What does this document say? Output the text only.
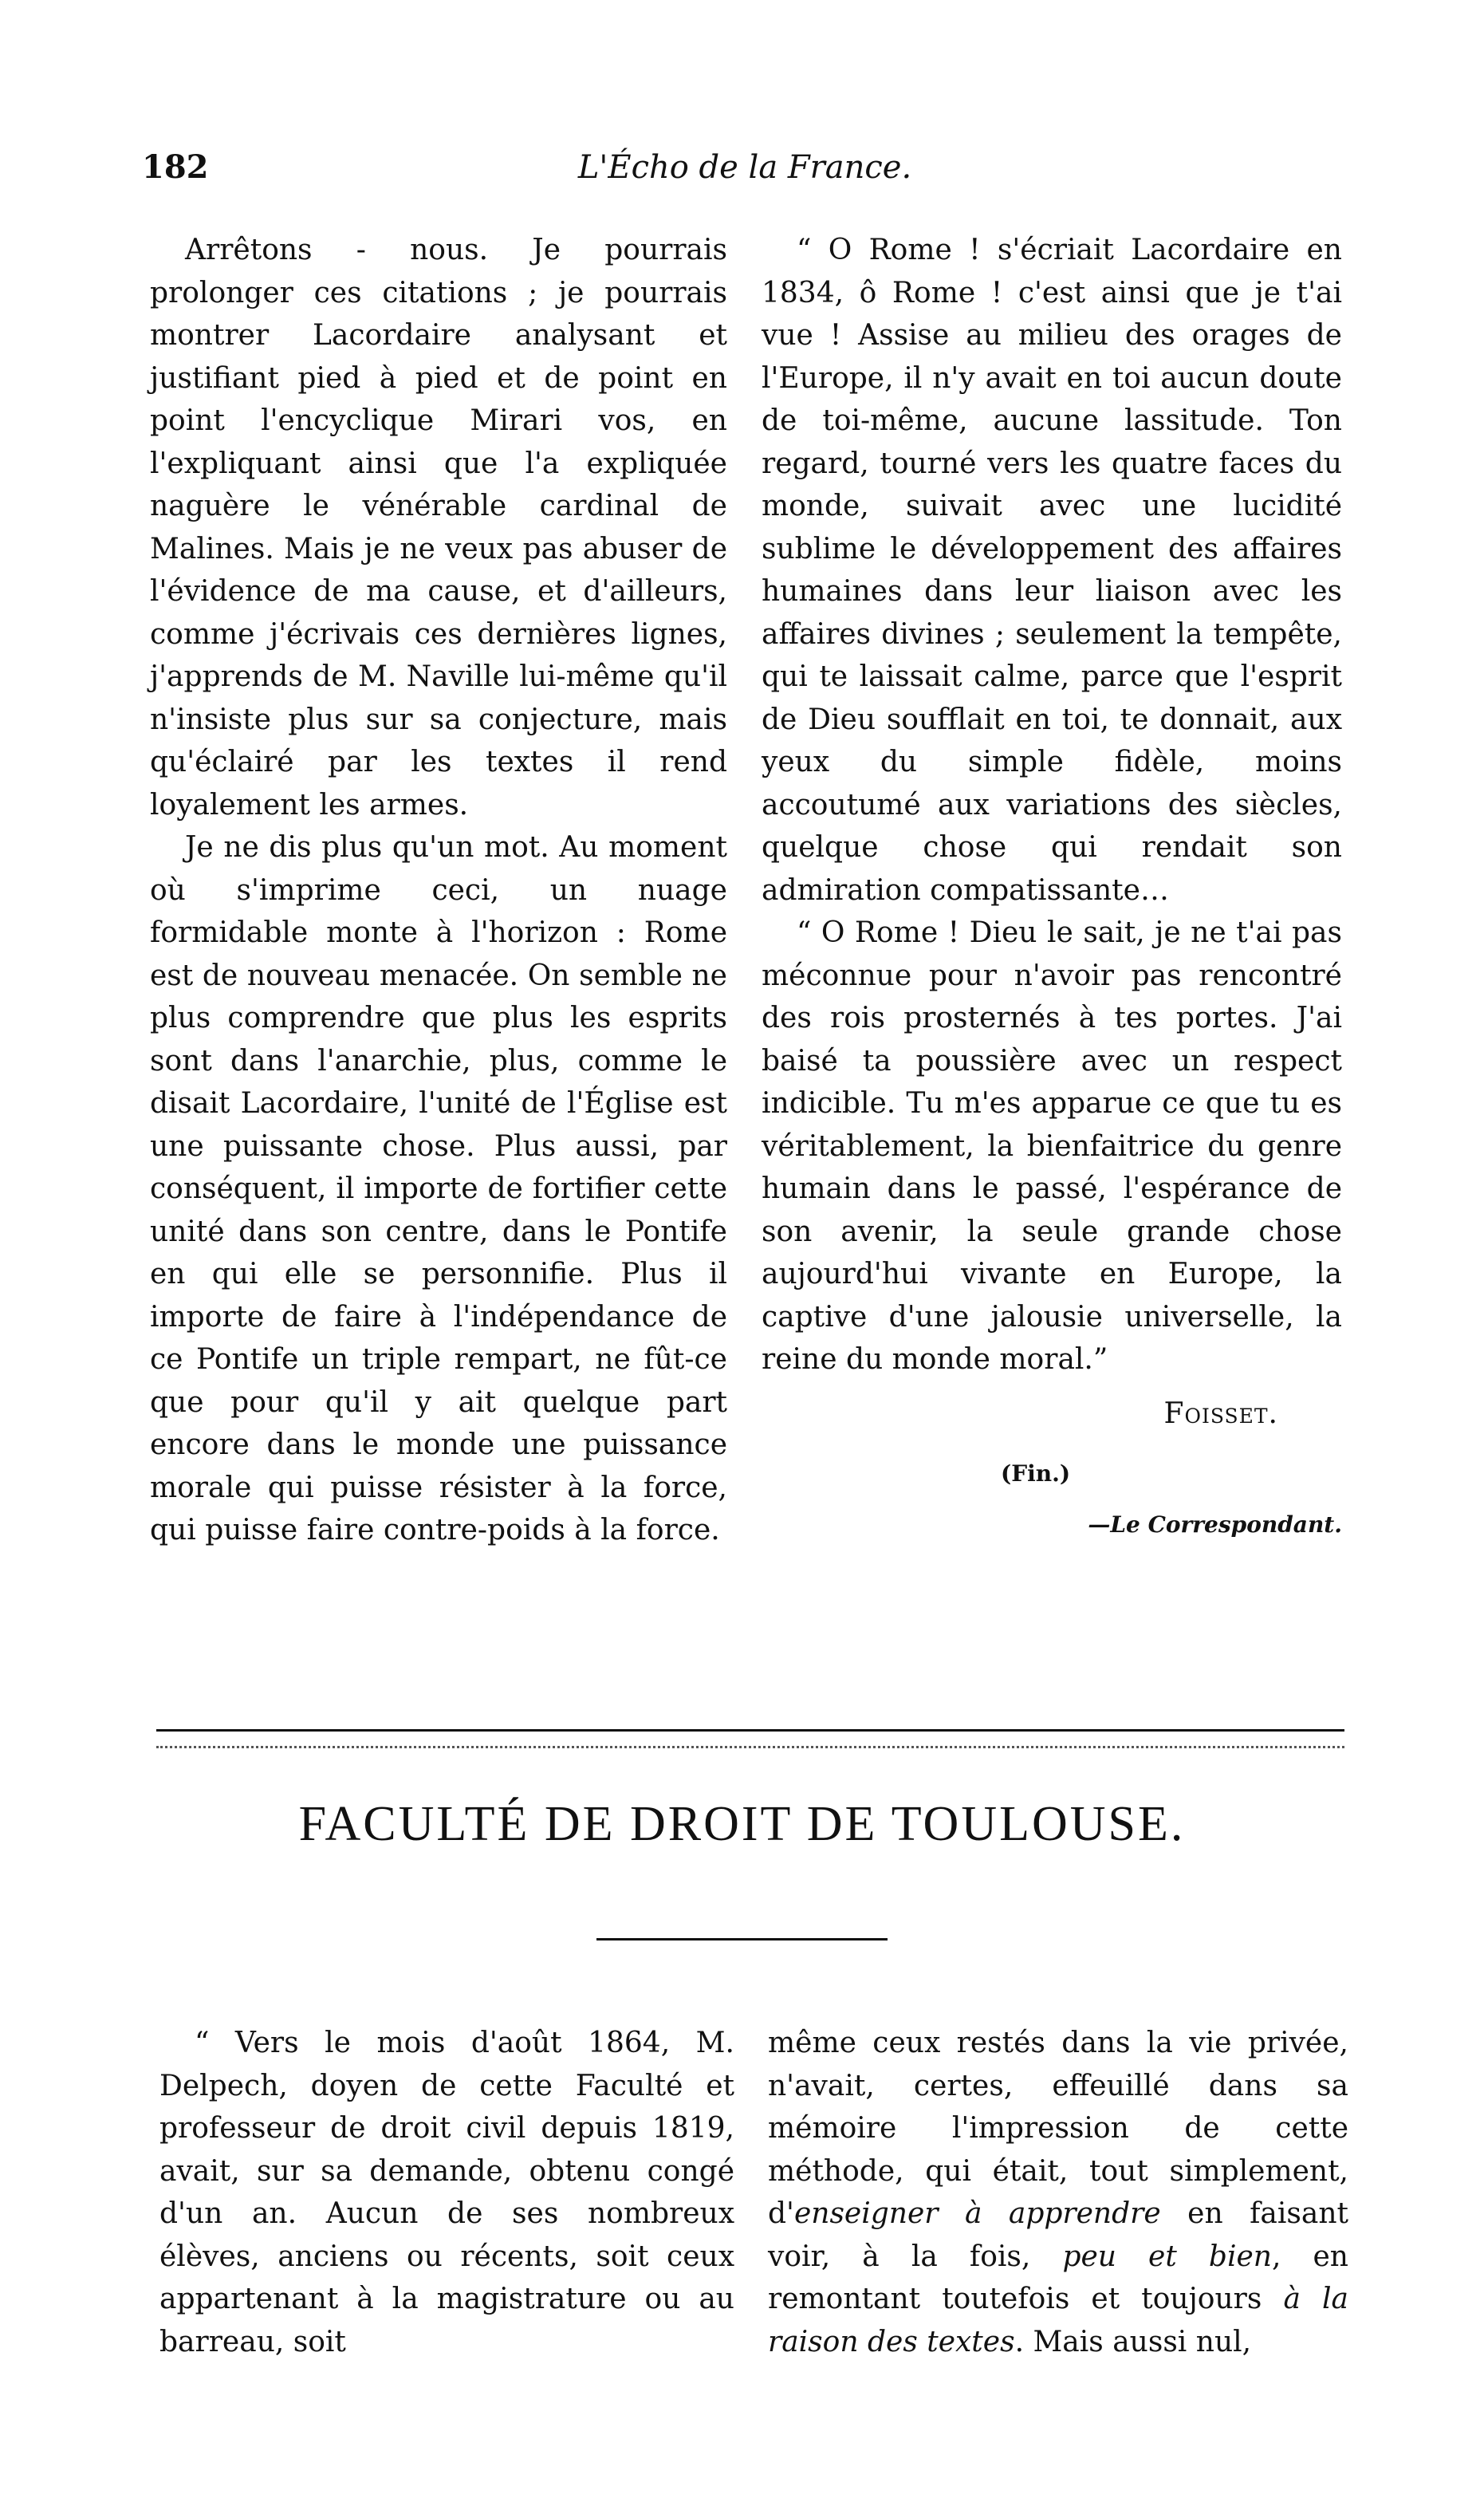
182	L'Écho de la France.

Arrêtons - nous. Je pourrais prolonger ces citations ; je pourrais montrer Lacordaire analysant et justifiant pied à pied et de point en point l'encyclique Mirari vos, en l'expliquant ainsi que l'a expliquée naguère le vénérable cardinal de Malines. Mais je ne veux pas abuser de l'évidence de ma cause, et d'ailleurs, comme j'écrivais ces dernières lignes, j'apprends de M. Naville lui-même qu'il n'insiste plus sur sa conjecture, mais qu'éclairé par les textes il rend loyalement les armes.

Je ne dis plus qu'un mot. Au moment où s'imprime ceci, un nuage formidable monte à l'horizon : Rome est de nouveau menacée. On semble ne plus comprendre que plus les esprits sont dans l'anarchie, plus, comme le disait Lacordaire, l'unité de l'Église est une puissante chose. Plus aussi, par conséquent, il importe de fortifier cette unité dans son centre, dans le Pontife en qui elle se personnifie. Plus il importe de faire à l'indépendance de ce Pontife un triple rempart, ne fût-ce que pour qu'il y ait quelque part encore dans le monde une puissance morale qui puisse résister à la force, qui puisse faire contre-poids à la force.

“ O Rome ! s'écriait Lacordaire en 1834, ô Rome ! c'est ainsi que je t'ai vue ! Assise au milieu des orages de l'Europe, il n'y avait en toi aucun doute de toi-même, aucune lassitude. Ton regard, tourné vers les quatre faces du monde, suivait avec une lucidité sublime le développement des affaires humaines dans leur liaison avec les affaires divines ; seulement la tempête, qui te laissait calme, parce que l'esprit de Dieu soufflait en toi, te donnait, aux yeux du simple fidèle, moins accoutumé aux variations des siècles, quelque chose qui rendait son admiration compatissante…

“ O Rome ! Dieu le sait, je ne t'ai pas méconnue pour n'avoir pas rencontré des rois prosternés à tes portes. J'ai baisé ta poussière avec un respect indicible. Tu m'es apparue ce que tu es véritablement, la bienfaitrice du genre humain dans le passé, l'espérance de son avenir, la seule grande chose aujourd'hui vivante en Europe, la captive d'une jalousie universelle, la reine du monde moral.”

Foisset.

(Fin.)

—Le Correspondant.

FACULTÉ DE DROIT DE TOULOUSE.

“ Vers le mois d'août 1864, M. Delpech, doyen de cette Faculté et professeur de droit civil depuis 1819, avait, sur sa demande, obtenu congé d'un an. Aucun de ses nombreux élèves, anciens ou récents, soit ceux appartenant à la magistrature ou au barreau, soit

même ceux restés dans la vie privée, n'avait, certes, effeuillé dans sa mémoire l'impression de cette méthode, qui était, tout simplement, d'enseigner à apprendre en faisant voir, à la fois, peu et bien, en remontant toutefois et toujours à la raison des textes. Mais aussi nul,
